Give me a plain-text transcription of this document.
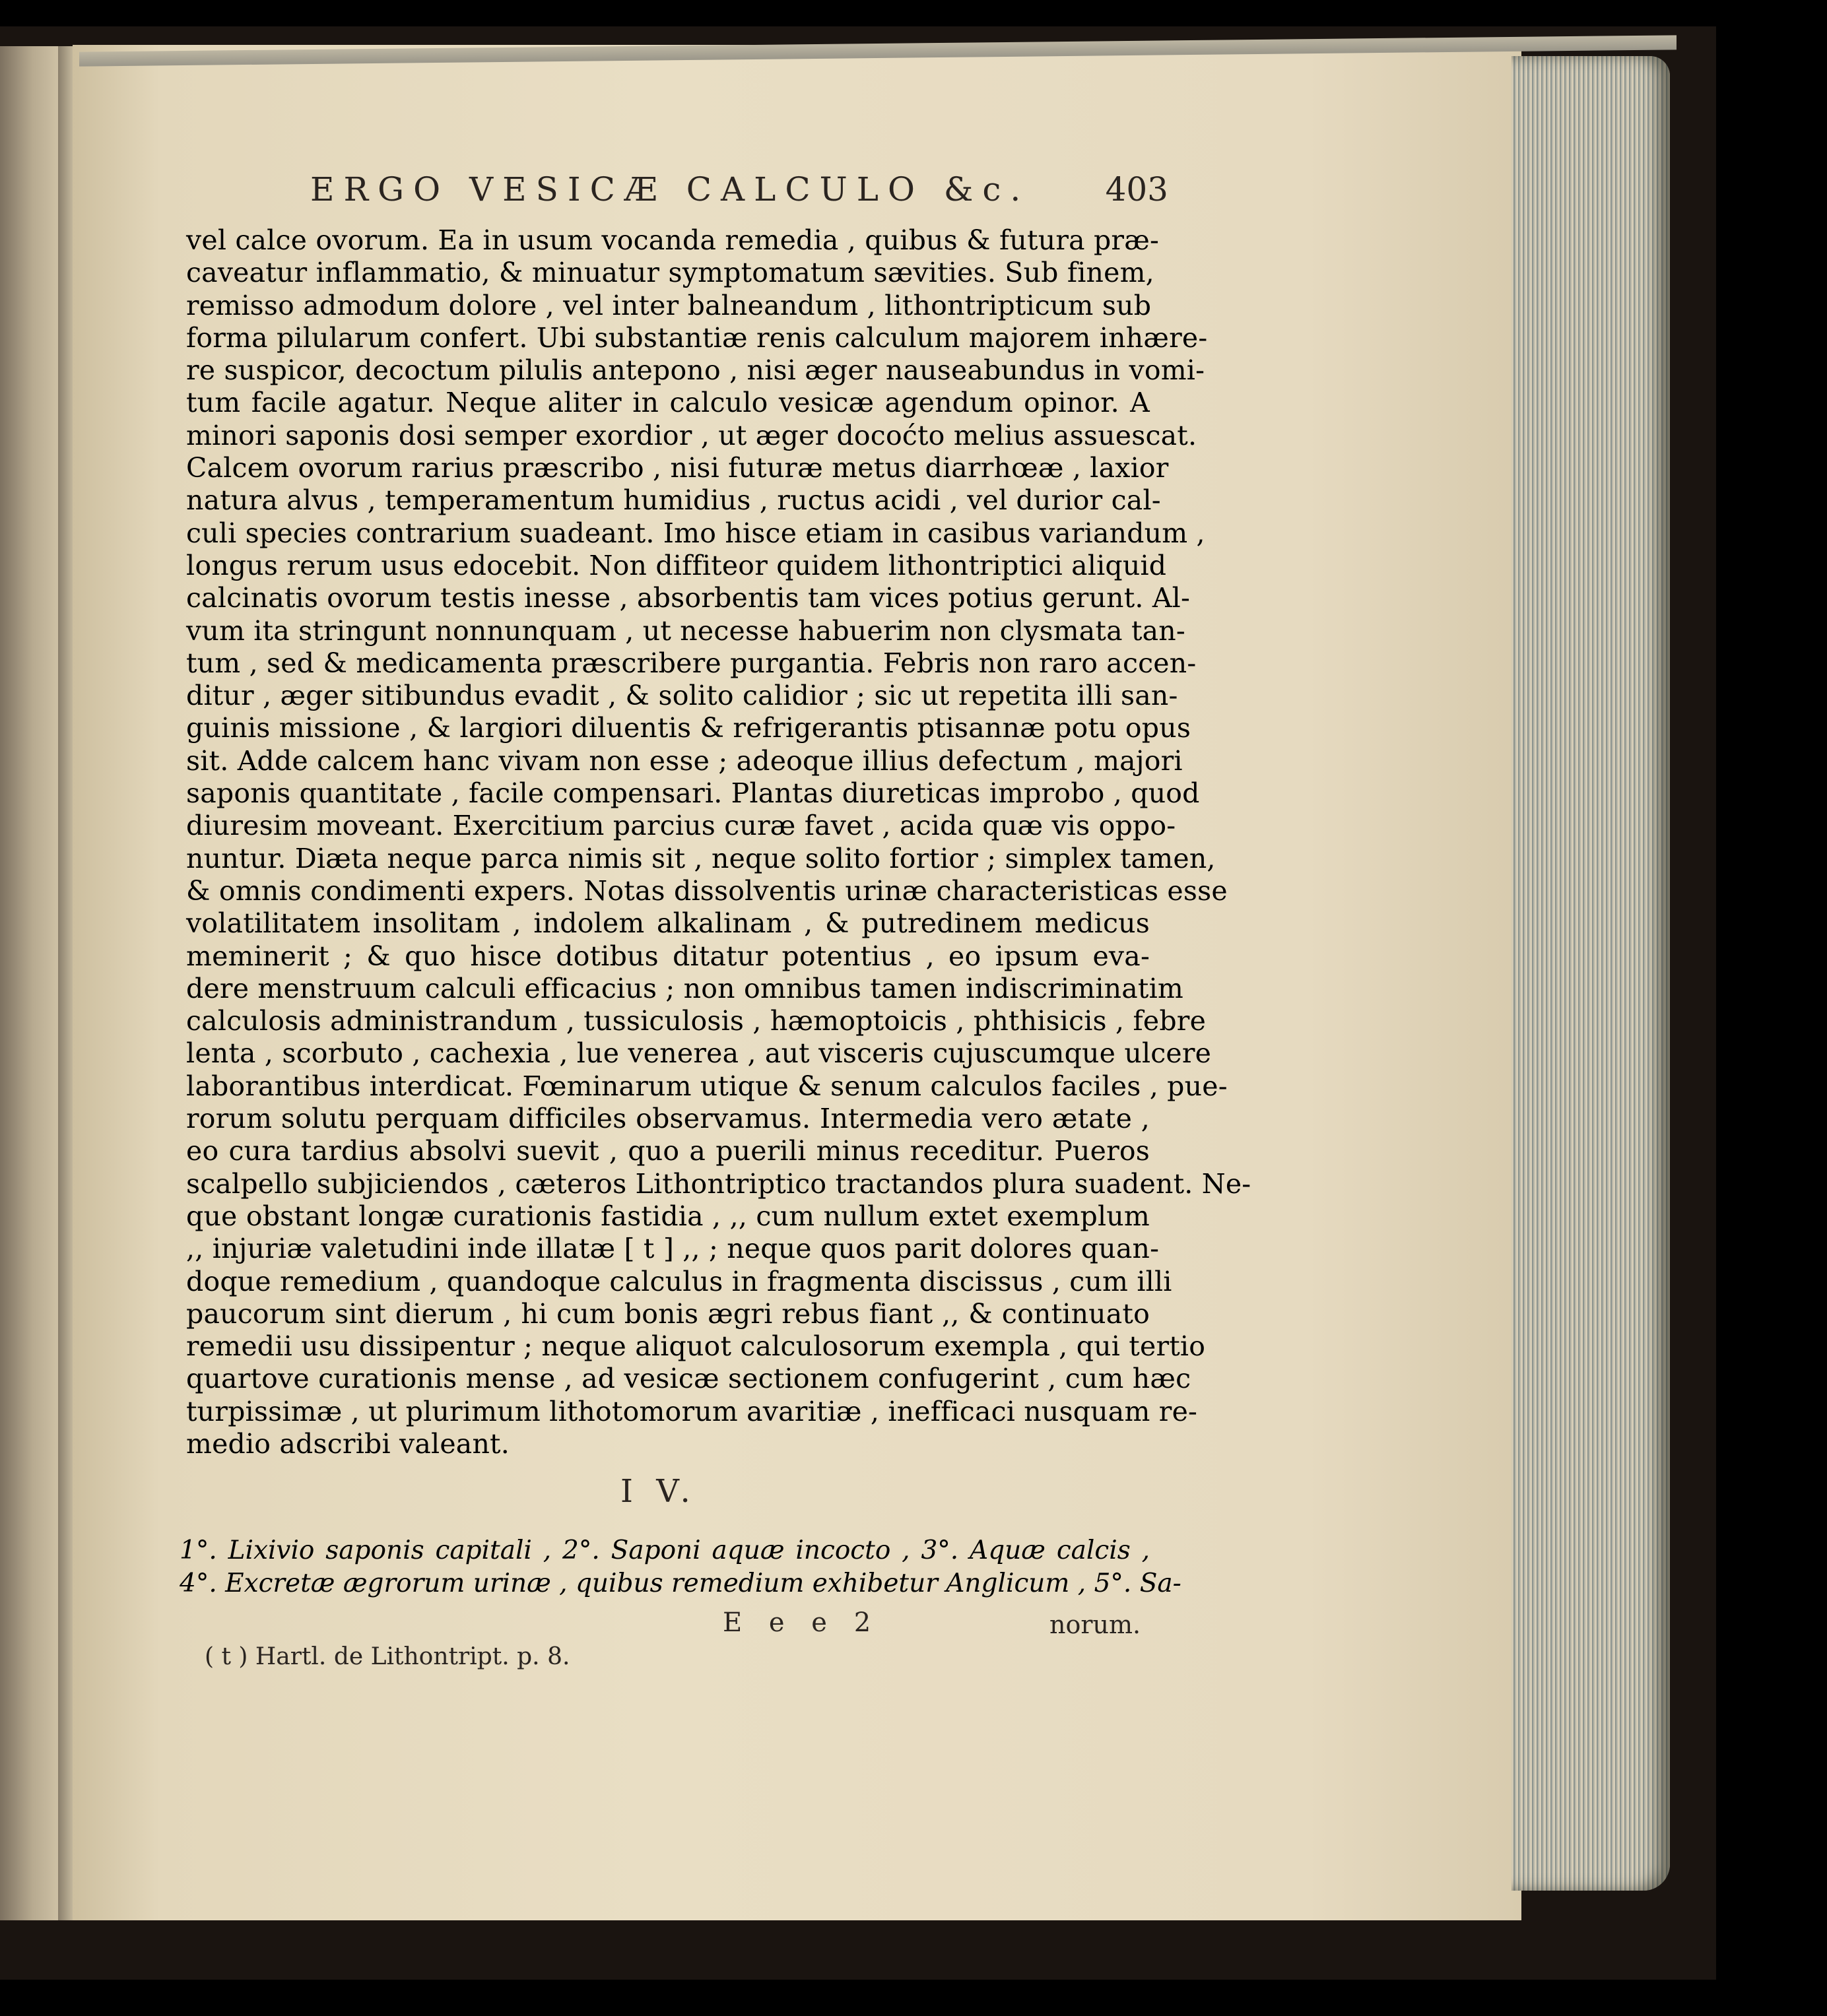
ERGO VESICÆ CALCULO &c.	403
vel calce ovorum. Ea in usum vocanda remedia , quibus & futura præ-
caveatur inflammatio, & minuatur symptomatum sævities. Sub finem,
remisso admodum dolore , vel inter balneandum , lithontripticum sub
forma pilularum confert. Ubi substantiæ renis calculum majorem inhære-
re suspicor, decoctum pilulis antepono , nisi æger nauseabundus in vomi-
tum facile agatur. Neque aliter in calculo vesicæ agendum opinor. A
minori saponis dosi semper exordior , ut æger docoćto melius assuescat.
Calcem ovorum rarius præscribo , nisi futuræ metus diarrhœæ , laxior
natura alvus , temperamentum humidius , ructus acidi , vel durior cal-
culi species contrarium suadeant. Imo hisce etiam in casibus variandum ,
longus rerum usus edocebit. Non diffiteor quidem lithontriptici aliquid
calcinatis ovorum testis inesse , absorbentis tam vices potius gerunt. Al-
vum ita stringunt nonnunquam , ut necesse habuerim non clysmata tan-
tum , sed & medicamenta præscribere purgantia. Febris non raro accen-
ditur , æger sitibundus evadit , & solito calidior ; sic ut repetita illi san-
guinis missione , & largiori diluentis & refrigerantis ptisannæ potu opus
sit. Adde calcem hanc vivam non esse ; adeoque illius defectum , majori
saponis quantitate , facile compensari. Plantas diureticas improbo , quod
diuresim moveant. Exercitium parcius curæ favet , acida quæ vis oppo-
nuntur. Diæta neque parca nimis sit , neque solito fortior ; simplex tamen,
& omnis condimenti expers. Notas dissolventis urinæ characteristicas esse
volatilitatem insolitam , indolem alkalinam , & putredinem medicus
meminerit ; & quo hisce dotibus ditatur potentius , eo ipsum eva-
dere menstruum calculi efficacius ; non omnibus tamen indiscriminatim
calculosis administrandum , tussiculosis , hæmoptoicis , phthisicis , febre
lenta , scorbuto , cachexia , lue venerea , aut visceris cujuscumque ulcere
laborantibus interdicat. Fœminarum utique & senum calculos faciles , pue-
rorum solutu perquam difficiles observamus. Intermedia vero ætate ,
eo cura tardius absolvi suevit , quo a puerili minus receditur. Pueros
scalpello subjiciendos , cæteros Lithontriptico tractandos plura suadent. Ne-
que obstant longæ curationis fastidia , ,, cum nullum extet exemplum
,, injuriæ valetudini inde illatæ [ t ] ,, ; neque quos parit dolores quan-
doque remedium , quandoque calculus in fragmenta discissus , cum illi
paucorum sint dierum , hi cum bonis ægri rebus fiant ,, & continuato
remedii usu dissipentur ; neque aliquot calculosorum exempla , qui tertio
quartove curationis mense , ad vesicæ sectionem confugerint , cum hæc
turpissimæ , ut plurimum lithotomorum avaritiæ , inefficaci nusquam re-
medio adscribi valeant.
I V.
1°. Lixivio saponis capitali , 2°. Saponi aquæ incocto , 3°. Aquæ calcis ,
4°. Excretæ ægrorum urinæ , quibus remedium exhibetur Anglicum , 5°. Sa-
E e e 2	norum.
( t ) Hartl. de Lithontript. p. 8.
